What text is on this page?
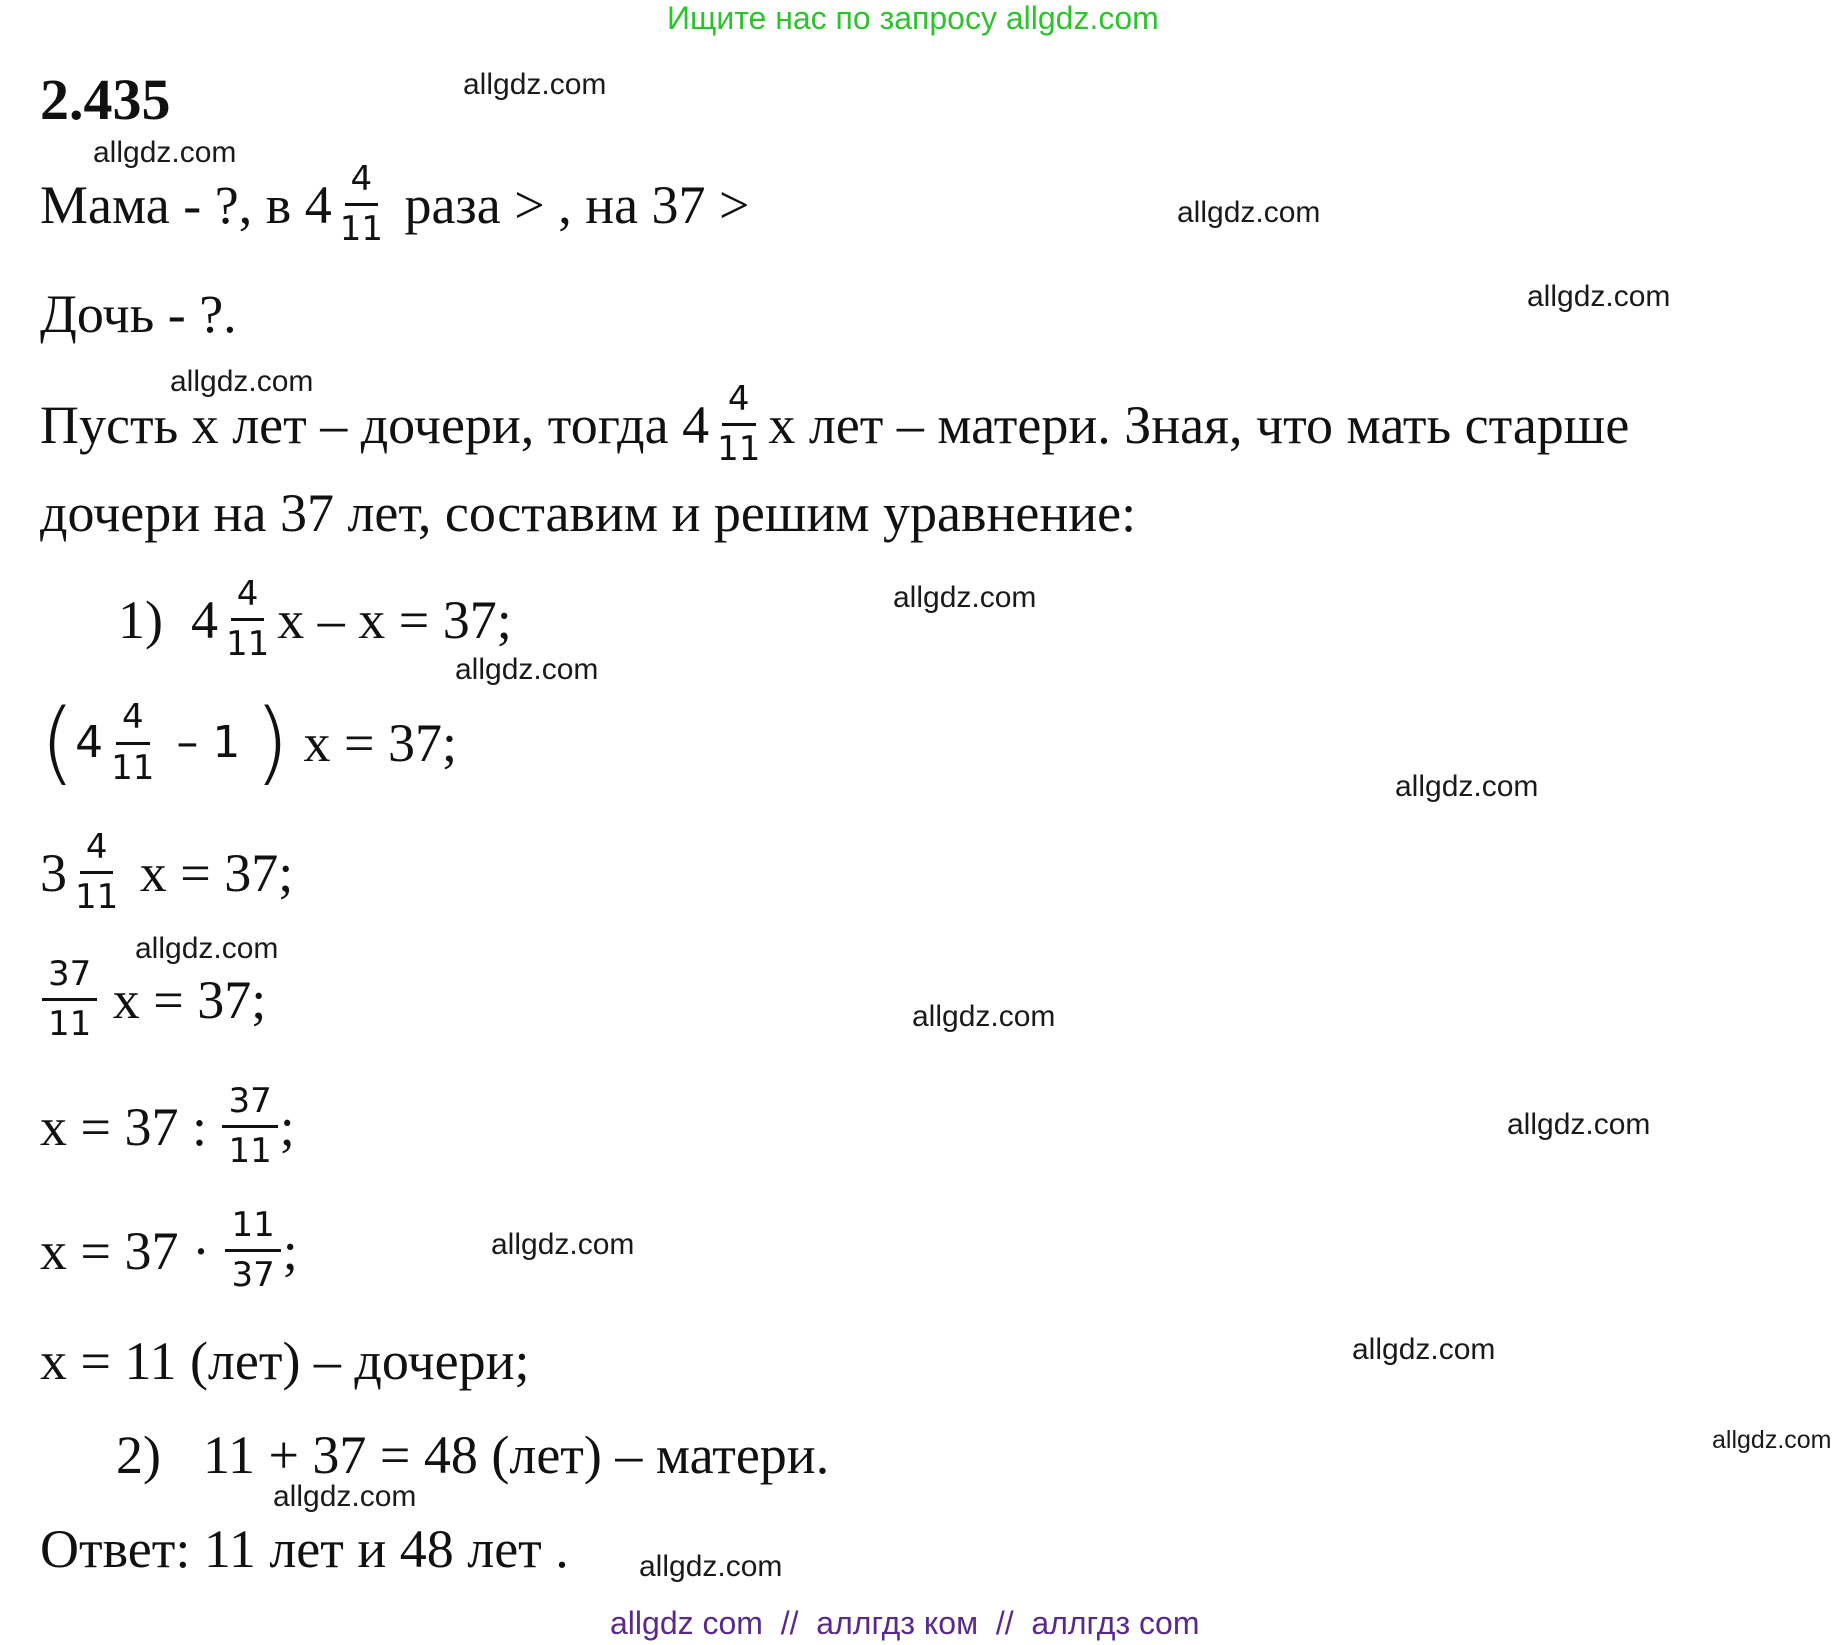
Ищите нас по запросу allgdz.com
2.435
Мама - ?, в $4 \frac{4}{11}$ раза > , на 37 >
Дочь - ?.
Пусть х лет – дочери, тогда $4 \frac{4}{11}$ х лет – матери. Зная, что мать старше
дочери на 37 лет, составим и решим уравнение:
1) $4 \frac{4}{11}$ х – х = 37;
( $4 \frac{4}{11} - 1$ ) х = 37;
$3 \frac{4}{11}$ х = 37;
$\frac{37}{11}$ х = 37;
х = 37 : $\frac{37}{11}$ ;
$х = 37 \cdot \frac{11}{37}$ ;
х = 11 (лет) – дочери;
2) 11 + 37 = 48 (лет) – матери.
Ответ: 11 лет и 48 лет .
allgdz.com
allgdz.com
allgdz.com
allgdz.com
allgdz.com
allgdz.com
allgdz.com
allgdz.com
allgdz.com
allgdz.com
allgdz.com
allgdz.com
allgdz.com
allgdz.com
allgdz.com
allgdz.com
allgdz com  //  аллгдз ком  //  аллгдз com
